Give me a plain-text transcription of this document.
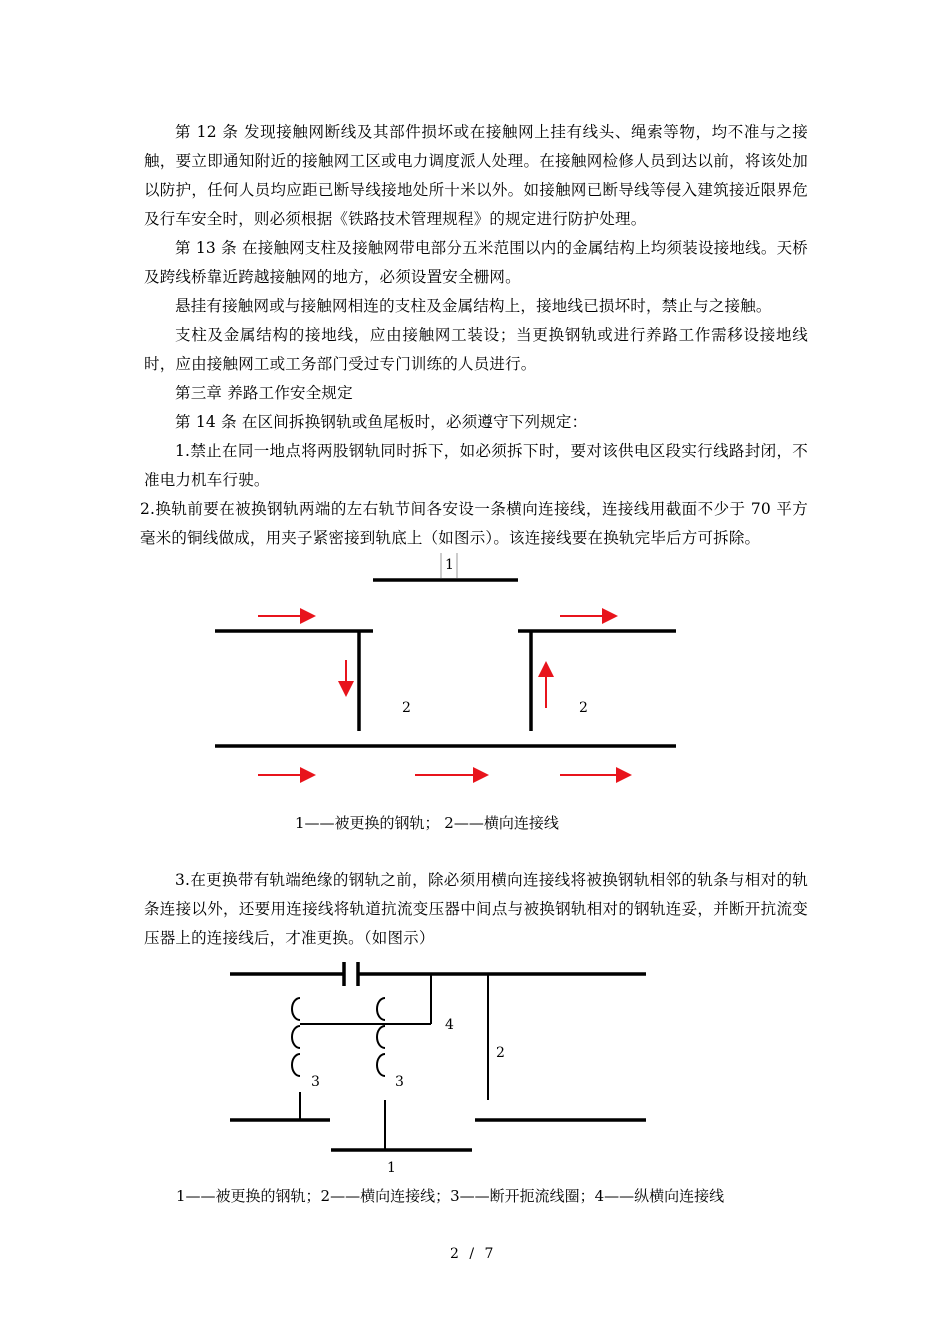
第 12 条 发现接触网断线及其部件损坏或在接触网上挂有线头、绳索等物，均不准与之接触，要立即通知附近的接触网工区或电力调度派人处理。在接触网检修人员到达以前，将该处加以防护，任何人员均应距已断导线接地处所十米以外。如接触网已断导线等侵入建筑接近限界危及行车安全时，则必须根据《铁路技术管理规程》的规定进行防护处理。

第 13 条 在接触网支柱及接触网带电部分五米范围以内的金属结构上均须装设接地线。天桥及跨线桥靠近跨越接触网的地方，必须设置安全栅网。

悬挂有接触网或与接触网相连的支柱及金属结构上，接地线已损坏时，禁止与之接触。

支柱及金属结构的接地线，应由接触网工装设；当更换钢轨或进行养路工作需移设接地线时，应由接触网工或工务部门受过专门训练的人员进行。

第三章 养路工作安全规定

第 14 条 在区间拆换钢轨或鱼尾板时，必须遵守下列规定：

1.禁止在同一地点将两股钢轨同时拆下，如必须拆下时，要对该供电区段实行线路封闭，不准电力机车行驶。

2.换轨前要在被换钢轨两端的左右轨节间各安设一条横向连接线，连接线用截面不少于 70 平方毫米的铜线做成，用夹子紧密接到轨底上（如图示）。该连接线要在换轨完毕后方可拆除。

1
2	2
1——被更换的钢轨； 2——横向连接线

3.在更换带有轨端绝缘的钢轨之前，除必须用横向连接线将被换钢轨相邻的轨条与相对的轨条连接以外，还要用连接线将轨道抗流变压器中间点与被换钢轨相对的钢轨连妥，并断开抗流变压器上的连接线后，才准更换。（如图示）

4
2
3	3
1
1——被更换的钢轨；2——横向连接线；3——断开扼流线圈；4——纵横向连接线
2 / 7
